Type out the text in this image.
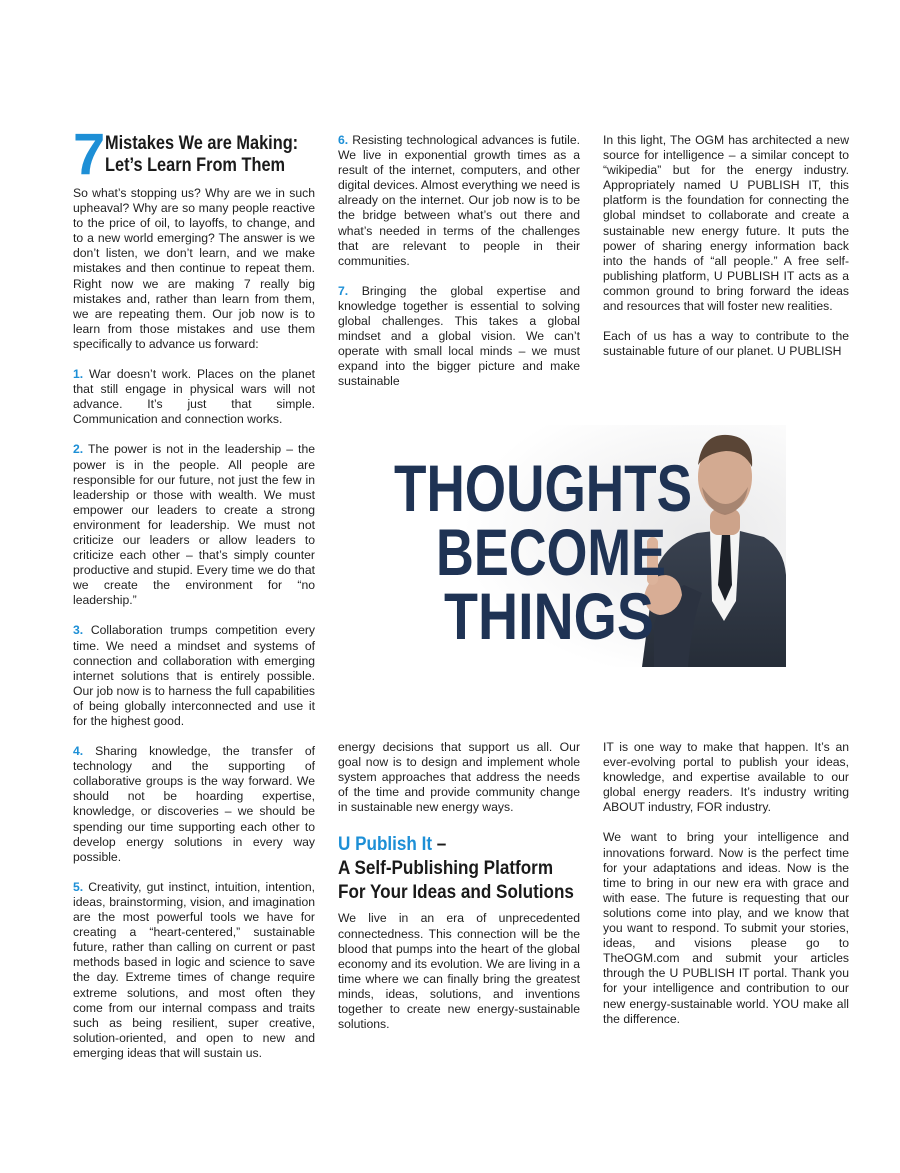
7 Mistakes We are Making:
Let’s Learn From Them

So what’s stopping us? Why are we in such upheaval? Why are so many people reactive to the price of oil, to layoffs, to change, and to a new world emerging? The answer is we don’t listen, we don’t learn, and we make mistakes and then continue to repeat them. Right now we are making 7 really big mistakes and, rather than learn from them, we are repeating them. Our job now is to learn from those mistakes and use them specifically to advance us forward:

1. War doesn’t work. Places on the planet that still engage in physical wars will not advance. It’s just that simple. Communication and connection works.

2. The power is not in the leadership – the power is in the people. All people are responsible for our future, not just the few in leadership or those with wealth. We must empower our leaders to create a strong environment for leadership. We must not criticize our leaders or allow leaders to criticize each other – that’s simply counter productive and stupid. Every time we do that we create the environment for “no leadership.”

3. Collaboration trumps competition every time. We need a mindset and systems of connection and collaboration with emerging internet solutions that is entirely possible. Our job now is to harness the full capabilities of being globally interconnected and use it for the highest good.

4. Sharing knowledge, the transfer of technology and the supporting of collaborative groups is the way forward. We should not be hoarding expertise, knowledge, or discoveries – we should be spending our time supporting each other to develop energy solutions in every way possible.

5. Creativity, gut instinct, intuition, intention, ideas, brainstorming, vision, and imagination are the most powerful tools we have for creating a “heart-centered,” sustainable future, rather than calling on current or past methods based in logic and science to save the day. Extreme times of change require extreme solutions, and most often they come from our internal compass and traits such as being resilient, super creative, solution-oriented, and open to new and emerging ideas that will sustain us.

6. Resisting technological advances is futile. We live in exponential growth times as a result of the internet, computers, and other digital devices. Almost everything we need is already on the internet. Our job now is to be the bridge between what’s out there and what’s needed in terms of the challenges that are relevant to people in their communities.

7. Bringing the global expertise and knowledge together is essential to solving global challenges. This takes a global mindset and a global vision. We can’t operate with small local minds – we must expand into the bigger picture and make sustainable

In this light, The OGM has architected a new source for intelligence – a similar concept to “wikipedia” but for the energy industry. Appropriately named U PUBLISH IT, this platform is the foundation for connecting the global mindset to collaborate and create a sustainable new energy future. It puts the power of sharing energy information back into the hands of “all people.” A free self-publishing platform, U PUBLISH IT acts as a common ground to bring forward the ideas and resources that will foster new realities.

Each of us has a way to contribute to the sustainable future of our planet. U PUBLISH

THOUGHTS
BECOME
THINGS

energy decisions that support us all. Our goal now is to design and implement whole system approaches that address the needs of the time and provide community change in sustainable new energy ways.

U Publish It –
A Self-Publishing Platform
For Your Ideas and Solutions

We live in an era of unprecedented connectedness. This connection will be the blood that pumps into the heart of the global economy and its evolution. We are living in a time where we can finally bring the greatest minds, ideas, solutions, and inventions together to create new energy-sustainable solutions.

IT is one way to make that happen. It’s an ever-evolving portal to publish your ideas, knowledge, and expertise available to our global energy readers. It’s industry writing ABOUT industry, FOR industry.

We want to bring your intelligence and innovations forward. Now is the perfect time for your adaptations and ideas. Now is the time to bring in our new era with grace and with ease. The future is requesting that our solutions come into play, and we know that you want to respond. To submit your stories, ideas, and visions please go to TheOGM.com and submit your articles through the U PUBLISH IT portal. Thank you for your intelligence and contribution to our new energy-sustainable world. YOU make all the difference.
